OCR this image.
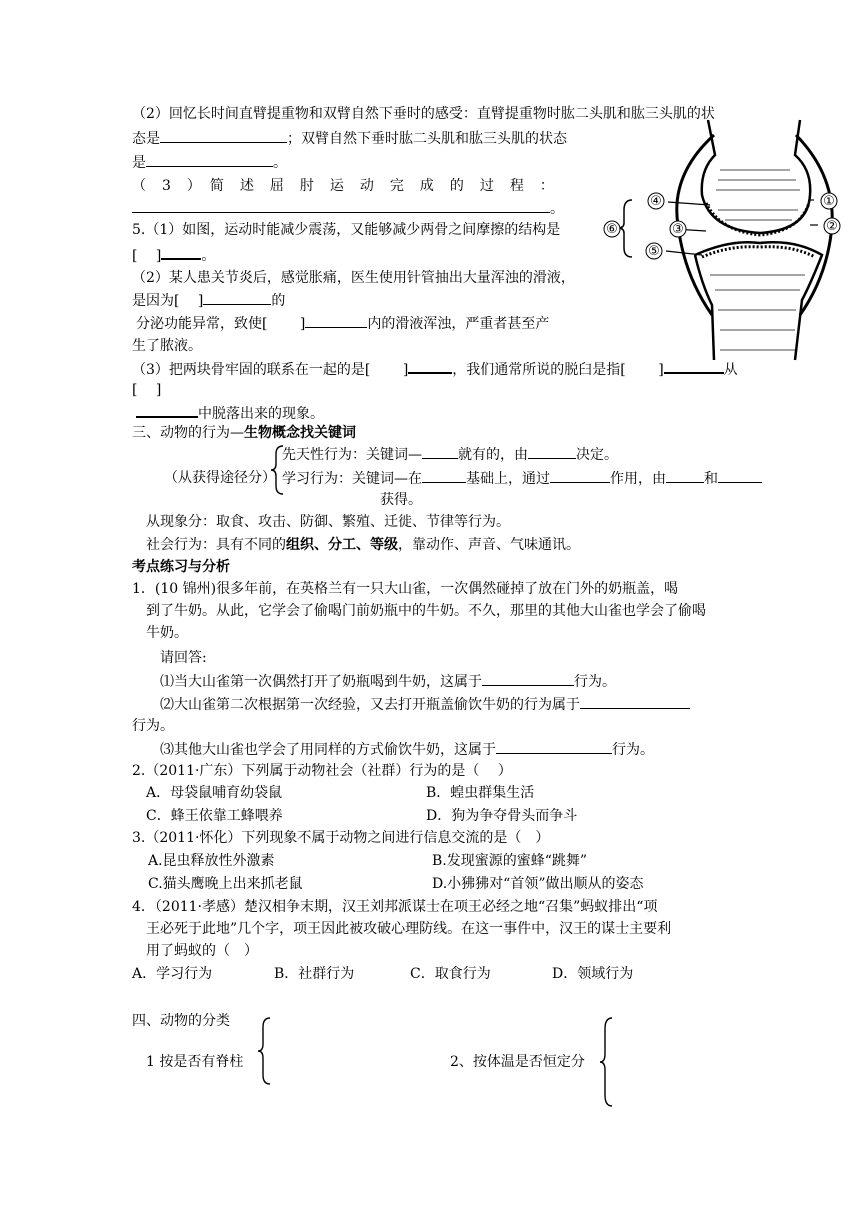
（2）回忆长时间直臂提重物和双臂自然下垂时的感受：直臂提重物时肱二头肌和肱三头肌的状
态是	；双臂自然下垂时肱二头肌和肱三头肌的状态
是	。
（　3　）　简　述　屈　肘　运　动　完　成　的　过　程　：
。
5.（1）如图，运动时能减少震荡，又能够减少两骨之间摩擦的结构是
[　 ]	。
（2）某人患关节炎后，感觉胀痛，医生使用针管抽出大量浑浊的滑液，
是因为[　 ]	的
分泌功能异常，致使[　　 ]	内的滑液浑浊，严重者甚至产
生了脓液。
（3）把两块骨牢固的联系在一起的是[　　 ]	，我们通常所说的脱臼是指[　　 ]	从
[　 ]
中脱落出来的现象。
④	①
③	②
⑥
⑤
三、动物的行为—生物概念找关键词
先天性行为：关键词—	就有的，由	决定。
（从获得途径分） 学习行为：关键词—在	基础上，通过	作用，由	和
获得。
从现象分：取食、攻击、防御、繁殖、迁徙、节律等行为。
社会行为：具有不同的组织、分工、等级，靠动作、声音、气味通讯。
考点练习与分析
1．(10 锦州)很多年前，在英格兰有一只大山雀，一次偶然碰掉了放在门外的奶瓶盖，喝
到了牛奶。从此，它学会了偷喝门前奶瓶中的牛奶。不久，那里的其他大山雀也学会了偷喝
牛奶。
请回答:
⑴当大山雀第一次偶然打开了奶瓶喝到牛奶，这属于	行为。
⑵大山雀第二次根据第一次经验，又去打开瓶盖偷饮牛奶的行为属于
行为。
⑶其他大山雀也学会了用同样的方式偷饮牛奶，这属于	行为。
2.（2011·广东）下列属于动物社会（社群）行为的是（　 ）
A．母袋鼠哺育幼袋鼠	B．蝗虫群集生活
C．蜂王依靠工蜂喂养	D．狗为争夺骨头而争斗
3.（2011·怀化）下列现象不属于动物之间进行信息交流的是（　）
A.昆虫释放性外激素	B.发现蜜源的蜜蜂“跳舞”
C.猫头鹰晚上出来抓老鼠	D.小狒狒对“首领”做出顺从的姿态
4．（2011·孝感）楚汉相争末期，汉王刘邦派谋士在项王必经之地“召集”蚂蚁排出“项
王必死于此地”几个字，项王因此被攻破心理防线。在这一事件中，汉王的谋士主要利
用了蚂蚁的（　）
A．学习行为	B．社群行为	C．取食行为	D．领域行为
四、动物的分类
1 按是否有脊柱	2、按体温是否恒定分
